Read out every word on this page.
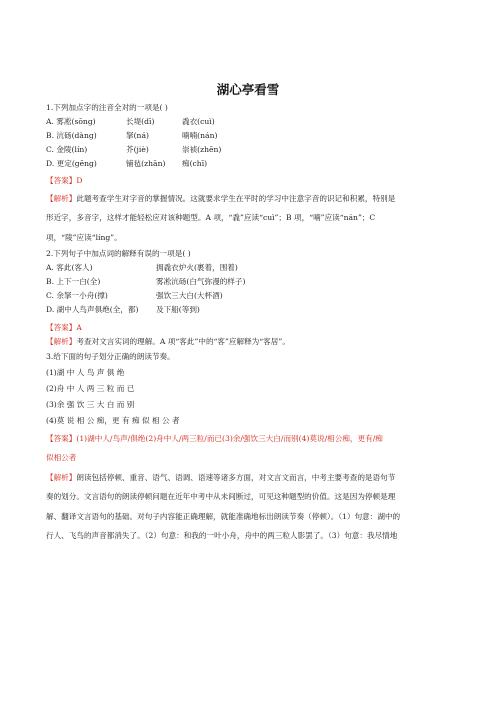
湖心亭看雪
1.下列加点字的注音全对的一项是( )
A. 雾凇(sōng)	长堤(dī)	毳衣(cuì)
B. 沆砀(dàng)	拏(ná)	喃喃(nán)
C. 金陵(lín)	芥(jiè)	崇祯(zhēn)
D. 更定(gēng)	铺毡(zhān)	痴(chī)
【答案】D
【解析】此题考查学生对字音的掌握情况。这就要求学生在平时的学习中注意字音的识记和积累，特别是
形近字，多音字，这样才能轻松应对该种题型。A 项，“毳”应读“cuì”；B 项，“喃”应读“nán”；C
项，“陵”应读“líng”。
2.下列句子中加点词的解释有误的一项是( )
A. 客此(客人)	拥毳衣炉火(裹着，围着)
B. 上下一白(全)	雾凇沆砀(白气弥漫的样子)
C. 余拏一小舟(撑)	强饮三大白(大杯酒)
D. 湖中人鸟声俱绝(全，都)	及下船(等到)
【答案】A
【解析】考查对文言实词的理解。A 项“客此”中的“客”应解释为“客居”。
3.给下面的句子划分正确的朗读节奏。
(1)湖 中 人 鸟 声 俱 绝
(2)舟 中 人 两 三 粒 而 已
(3)余 强 饮 三 大 白 而 别
(4)莫 说 相 公 痴，更 有 痴 似 相 公 者
【答案】(1)湖中人/鸟声/俱绝(2)舟中人/两三粒/而已(3)余/强饮三大白/而别(4)莫说/相公痴，更有/痴
似相公者
【解析】朗读包括停顿、重音、语气、语调、语速等诸多方面，对文言文而言，中考主要考查的是语句节
奏的划分。文言语句的朗读停顿问题在近年中考中从未间断过，可见这种题型的价值。这是因为停顿是理
解、翻译文言语句的基础。对句子内容能正确理解，就能准确地标出朗读节奏（停顿）。（1）句意：湖中的
行人、飞鸟的声音都消失了。（2）句意：和我的一叶小舟，舟中的两三粒人影罢了。（3）句意：我尽情地
